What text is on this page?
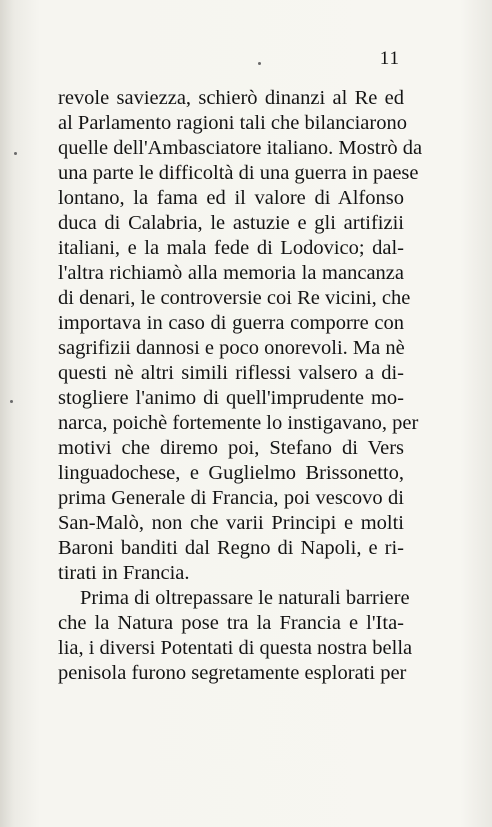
11
revole saviezza, schierò dinanzi al Re ed
al Parlamento ragioni tali che bilanciarono
quelle dell'Ambasciatore italiano. Mostrò da
una parte le difficoltà di una guerra in paese
lontano, la fama ed il valore di Alfonso
duca di Calabria, le astuzie e gli artifizii
italiani, e la mala fede di Lodovico; dal-
l'altra richiamò alla memoria la mancanza
di denari, le controversie coi Re vicini, che
importava in caso di guerra comporre con
sagrifizii dannosi e poco onorevoli. Ma nè
questi nè altri simili riflessi valsero a di-
stogliere l'animo di quell'imprudente mo-
narca, poichè fortemente lo instigavano, per
motivi che diremo poi, Stefano di Vers
linguadochese, e Guglielmo Brissonetto,
prima Generale di Francia, poi vescovo di
San-Malò, non che varii Principi e molti
Baroni banditi dal Regno di Napoli, e ri-
tirati in Francia.
Prima di oltrepassare le naturali barriere
che la Natura pose tra la Francia e l'Ita-
lia, i diversi Potentati di questa nostra bella
penisola furono segretamente esplorati per
